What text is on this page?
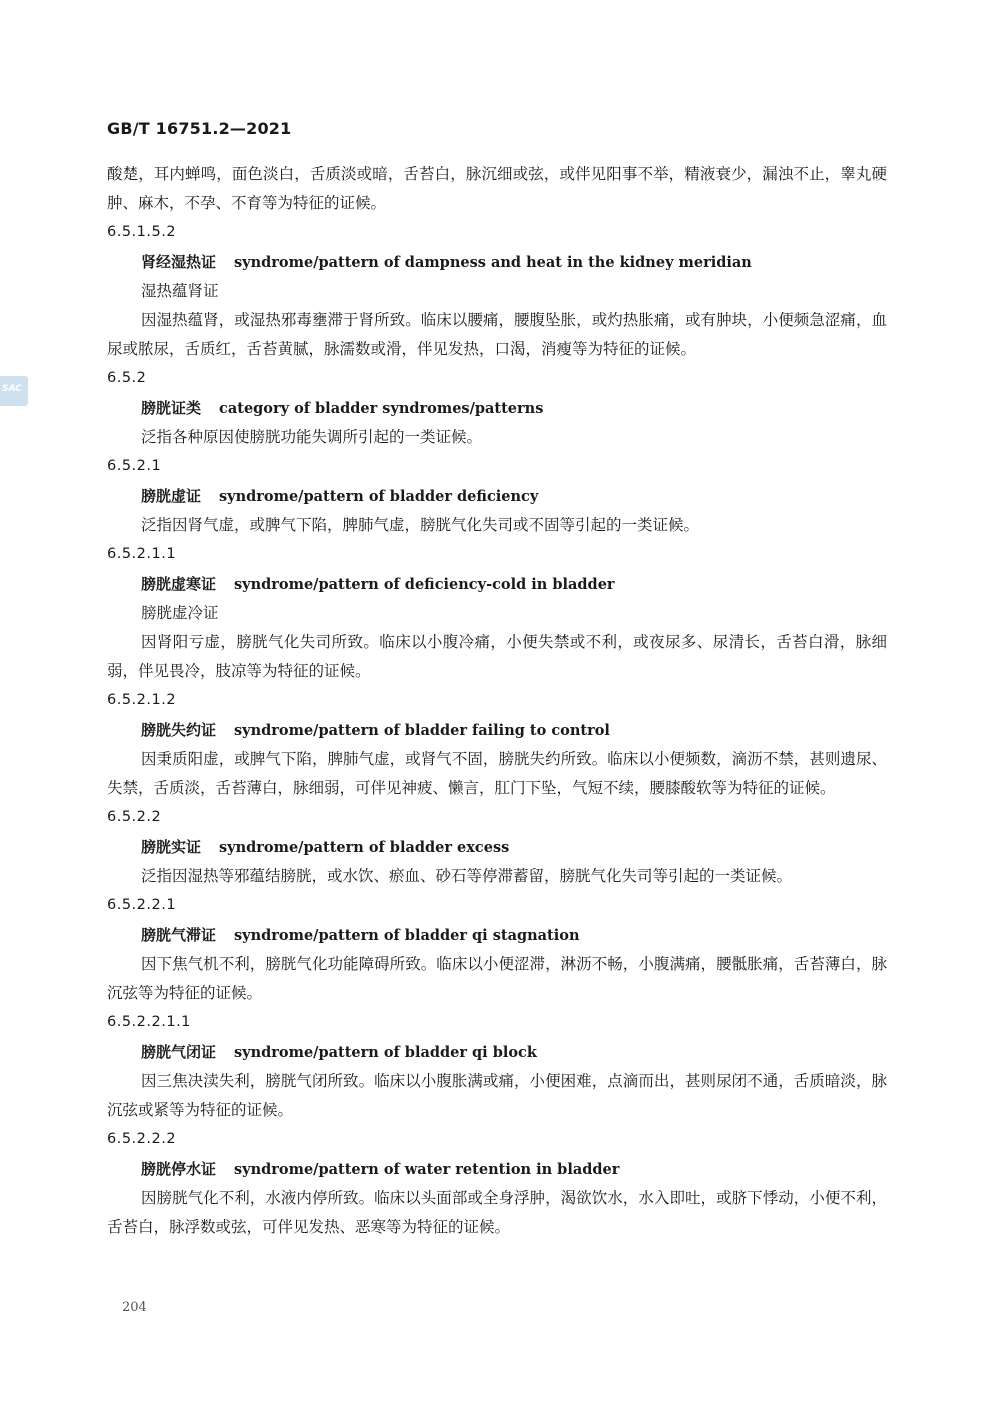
SAC
GB/T 16751.2—2021
酸楚，耳内蝉鸣，面色淡白，舌质淡或暗，舌苔白，脉沉细或弦，或伴见阳事不举，精液衰少，漏浊不止，睾丸硬肿、麻木，不孕、不育等为特征的证候。
6.5.1.5.2
肾经湿热证 syndrome/pattern of dampness and heat in the kidney meridian
湿热蕴肾证
因湿热蕴肾，或湿热邪毒壅滞于肾所致。临床以腰痛，腰腹坠胀，或灼热胀痛，或有肿块，小便频急涩痛，血尿或脓尿，舌质红，舌苔黄腻，脉濡数或滑，伴见发热，口渴，消瘦等为特征的证候。
6.5.2
膀胱证类 category of bladder syndromes/patterns
泛指各种原因使膀胱功能失调所引起的一类证候。
6.5.2.1
膀胱虚证 syndrome/pattern of bladder deficiency
泛指因肾气虚，或脾气下陷，脾肺气虚，膀胱气化失司或不固等引起的一类证候。
6.5.2.1.1
膀胱虚寒证 syndrome/pattern of deficiency-cold in bladder
膀胱虚冷证
因肾阳亏虚，膀胱气化失司所致。临床以小腹冷痛，小便失禁或不利，或夜尿多、尿清长，舌苔白滑，脉细弱，伴见畏冷，肢凉等为特征的证候。
6.5.2.1.2
膀胱失约证 syndrome/pattern of bladder failing to control
因秉质阳虚，或脾气下陷，脾肺气虚，或肾气不固，膀胱失约所致。临床以小便频数，滴沥不禁，甚则遗尿、失禁，舌质淡，舌苔薄白，脉细弱，可伴见神疲、懒言，肛门下坠，气短不续，腰膝酸软等为特征的证候。
6.5.2.2
膀胱实证 syndrome/pattern of bladder excess
泛指因湿热等邪蕴结膀胱，或水饮、瘀血、砂石等停滞蓄留，膀胱气化失司等引起的一类证候。
6.5.2.2.1
膀胱气滞证 syndrome/pattern of bladder qi stagnation
因下焦气机不利，膀胱气化功能障碍所致。临床以小便涩滞，淋沥不畅，小腹满痛，腰骶胀痛，舌苔薄白，脉沉弦等为特征的证候。
6.5.2.2.1.1
膀胱气闭证 syndrome/pattern of bladder qi block
因三焦决渎失利，膀胱气闭所致。临床以小腹胀满或痛，小便困难，点滴而出，甚则尿闭不通，舌质暗淡，脉沉弦或紧等为特征的证候。
6.5.2.2.2
膀胱停水证 syndrome/pattern of water retention in bladder
因膀胱气化不利，水液内停所致。临床以头面部或全身浮肿，渴欲饮水，水入即吐，或脐下悸动，小便不利，舌苔白，脉浮数或弦，可伴见发热、恶寒等为特征的证候。
204
